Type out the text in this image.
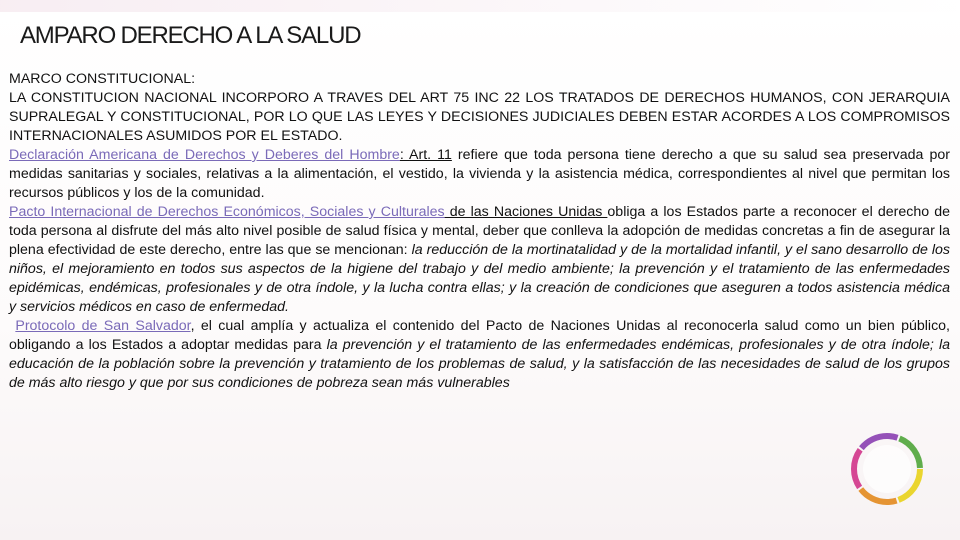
AMPARO DERECHO A LA SALUD

MARCO CONSTITUCIONAL:

LA CONSTITUCION NACIONAL INCORPORO A TRAVES DEL ART 75 INC 22 LOS TRATADOS DE DERECHOS HUMANOS, CON JERARQUIA SUPRALEGAL Y CONSTITUCIONAL, POR LO QUE LAS LEYES Y DECISIONES JUDICIALES DEBEN ESTAR ACORDES A LOS COMPROMISOS INTERNACIONALES ASUMIDOS POR EL ESTADO.

Declaración Americana de Derechos y Deberes del Hombre: Art. 11 refiere que toda persona tiene derecho a que su salud sea preservada por medidas sanitarias y sociales, relativas a la alimentación, el vestido, la vivienda y la asistencia médica, correspondientes al nivel que permitan los recursos públicos y los de la comunidad.

Pacto Internacional de Derechos Económicos, Sociales y Culturales de las Naciones Unidas obliga a los Estados parte a reconocer el derecho de toda persona al disfrute del más alto nivel posible de salud física y mental, deber que conlleva la adopción de medidas concretas a fin de asegurar la plena efectividad de este derecho, entre las que se mencionan: la reducción de la mortinatalidad y de la mortalidad infantil, y el sano desarrollo de los niños, el mejoramiento en todos sus aspectos de la higiene del trabajo y del medio ambiente; la prevención y el tratamiento de las enfermedades epidémicas, endémicas, profesionales y de otra índole, y la lucha contra ellas; y la creación de condiciones que aseguren a todos asistencia médica y servicios médicos en caso de enfermedad.

Protocolo de San Salvador, el cual amplía y actualiza el contenido del Pacto de Naciones Unidas al reconocerla salud como un bien público, obligando a los Estados a adoptar medidas para la prevención y el tratamiento de las enfermedades endémicas, profesionales y de otra índole; la educación de la población sobre la prevención y tratamiento de los problemas de salud, y la satisfacción de las necesidades de salud de los grupos de más alto riesgo y que por sus condiciones de pobreza sean más vulnerables
